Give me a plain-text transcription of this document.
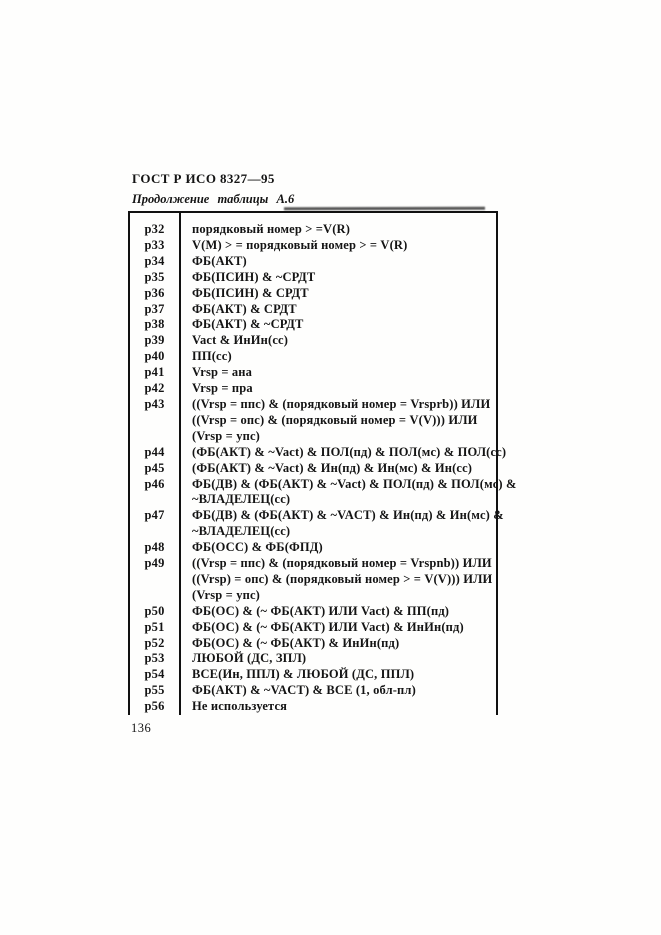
ГОСТ Р ИСО 8327—95
Продолжение таблицы А.6
p32	порядковый номер > =V(R)
p33	V(M) > = порядковый номер > = V(R)
p34	ФБ(АКТ)
p35	ФБ(ПСИН) & ~СРДТ
p36	ФБ(ПСИН) & СРДТ
p37	ФБ(АКТ) & СРДТ
p38	ФБ(АКТ) & ~СРДТ
p39	Vact & ИнИн(сс)
p40	ПП(сс)
p41	Vrsp = ана
p42	Vrsp = пра
p43	((Vrsp = ппс) & (порядковый номер = Vrsprb)) ИЛИ
((Vrsp = опс) & (порядковый номер = V(V))) ИЛИ
(Vrsp = упс)
p44	(ФБ(АКТ) & ~Vact) & ПОЛ(пд) & ПОЛ(мс) & ПОЛ(сс)
p45	(ФБ(АКТ) & ~Vact) & Ин(пд) & Ин(мс) & Ин(сс)
p46	ФБ(ДВ) & (ФБ(АКТ) & ~Vact) & ПОЛ(пд) & ПОЛ(мс) &
~ВЛАДЕЛЕЦ(сс)
p47	ФБ(ДВ) & (ФБ(АКТ) & ~VACT) & Ин(пд) & Ин(мс) &
~ВЛАДЕЛЕЦ(сс)
p48	ФБ(ОСС) & ФБ(ФПД)
p49	((Vrsp = ппс) & (порядковый номер = Vrspnb)) ИЛИ
((Vrsp) = опс) & (порядковый номер > = V(V))) ИЛИ
(Vrsp = упс)
p50	ФБ(ОС) & (~ ФБ(АКТ) ИЛИ Vact) & ПП(пд)
p51	ФБ(ОС) & (~ ФБ(АКТ) ИЛИ Vact) & ИнИн(пд)
p52	ФБ(ОС) & (~ ФБ(АКТ) & ИнИн(пд)
p53	ЛЮБОЙ (ДС, ЗПЛ)
p54	ВСЕ(Ин, ППЛ) & ЛЮБОЙ (ДС, ППЛ)
p55	ФБ(АКТ) & ~VACT) & ВСЕ (1, обл-пл)
p56	Не используется
136
